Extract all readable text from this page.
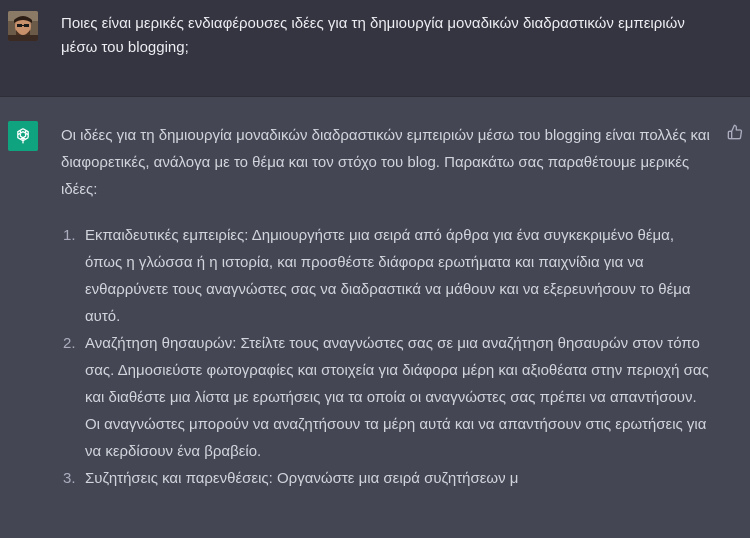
Ποιες είναι μερικές ενδιαφέρουσες ιδέες για τη δημιουργία μοναδικών διαδραστικών εμπειριών μέσω του blogging;

Οι ιδέες για τη δημιουργία μοναδικών διαδραστικών εμπειριών μέσω του blogging είναι πολλές και διαφορετικές, ανάλογα με το θέμα και τον στόχο του blog. Παρακάτω σας παραθέτουμε μερικές ιδέες:

1. Εκπαιδευτικές εμπειρίες: Δημιουργήστε μια σειρά από άρθρα για ένα συγκεκριμένο θέμα, όπως η γλώσσα ή η ιστορία, και προσθέστε διάφορα ερωτήματα και παιχνίδια για να ενθαρρύνετε τους αναγνώστες σας να διαδραστικά να μάθουν και να εξερευνήσουν το θέμα αυτό.
2. Αναζήτηση θησαυρών: Στείλτε τους αναγνώστες σας σε μια αναζήτηση θησαυρών στον τόπο σας. Δημοσιεύστε φωτογραφίες και στοιχεία για διάφορα μέρη και αξιοθέατα στην περιοχή σας και διαθέστε μια λίστα με ερωτήσεις για τα οποία οι αναγνώστες σας πρέπει να απαντήσουν. Οι αναγνώστες μπορούν να αναζητήσουν τα μέρη αυτά και να απαντήσουν στις ερωτήσεις για να κερδίσουν ένα βραβείο.
3. Συζητήσεις και παρενθέσεις: Οργανώστε μια σειρά συζητήσεων μ
